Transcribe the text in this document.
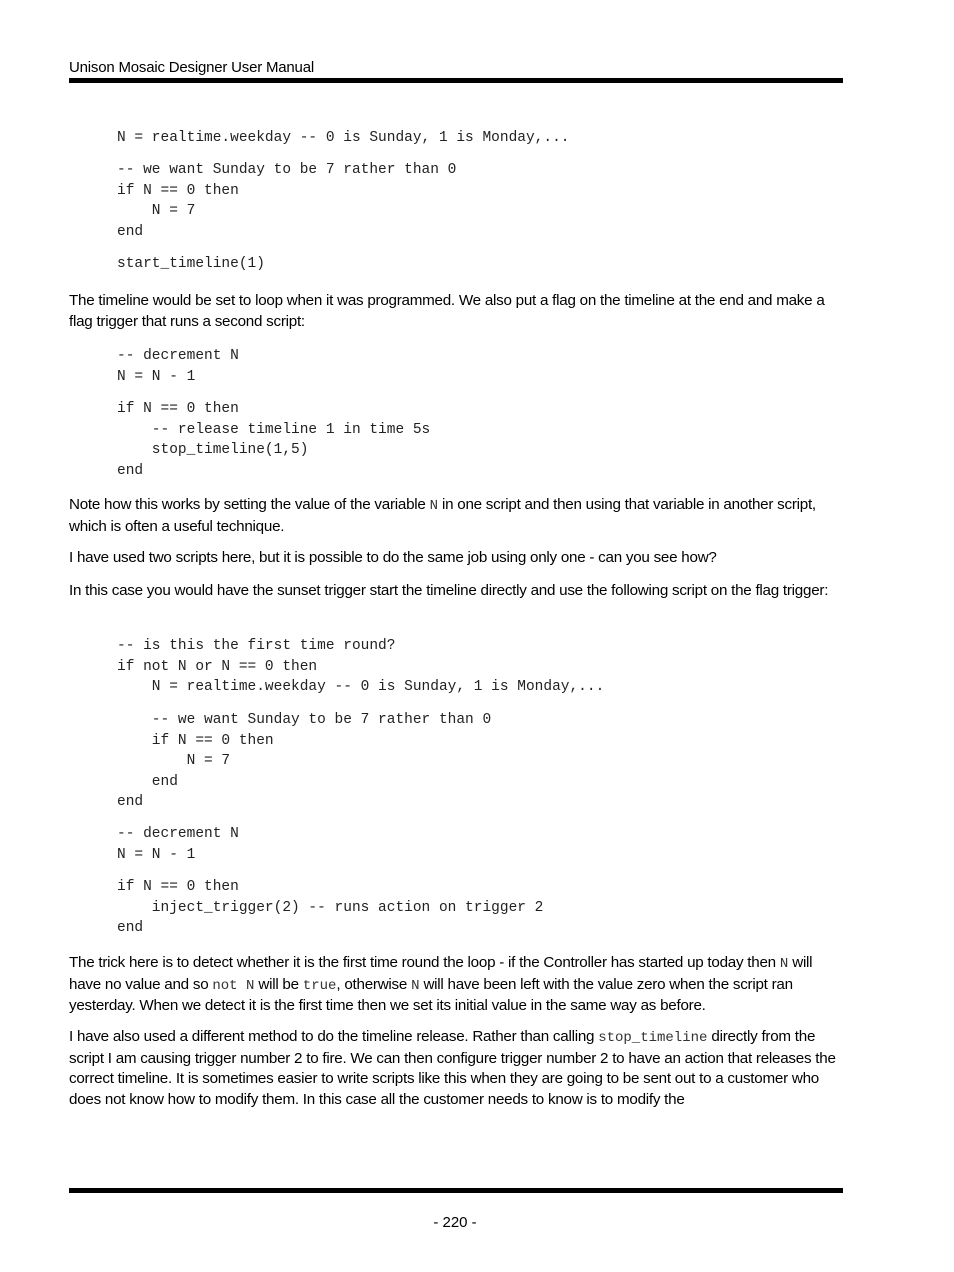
Unison Mosaic Designer User Manual
N = realtime.weekday -- 0 is Sunday, 1 is Monday,...
-- we want Sunday to be 7 rather than 0
if N == 0 then
N = 7
end
start_timeline(1)
The timeline would be set to loop when it was programmed. We also put a flag on the timeline at the end and make a flag trigger that runs a second script:
-- decrement N
N = N - 1
if N == 0 then
-- release timeline 1 in time 5s
stop_timeline(1,5)
end
Note how this works by setting the value of the variable N in one script and then using that variable in another script, which is often a useful technique.
I have used two scripts here, but it is possible to do the same job using only one - can you see how?
In this case you would have the sunset trigger start the timeline directly and use the following script on the flag trigger:
-- is this the first time round?
if not N or N == 0 then
N = realtime.weekday -- 0 is Sunday, 1 is Monday,...
-- we want Sunday to be 7 rather than 0
if N == 0 then
N = 7
end
end
-- decrement N
N = N - 1
if N == 0 then
inject_trigger(2) -- runs action on trigger 2
end
The trick here is to detect whether it is the first time round the loop - if the Controller has started up today then N will have no value and so not N will be true, otherwise N will have been left with the value zero when the script ran yesterday. When we detect it is the first time then we set its initial value in the same way as before.
I have also used a different method to do the timeline release. Rather than calling stop_timeline directly from the script I am causing trigger number 2 to fire. We can then configure trigger number 2 to have an action that releases the correct timeline. It is sometimes easier to write scripts like this when they are going to be sent out to a customer who does not know how to modify them. In this case all the customer needs to know is to modify the
- 220 -
